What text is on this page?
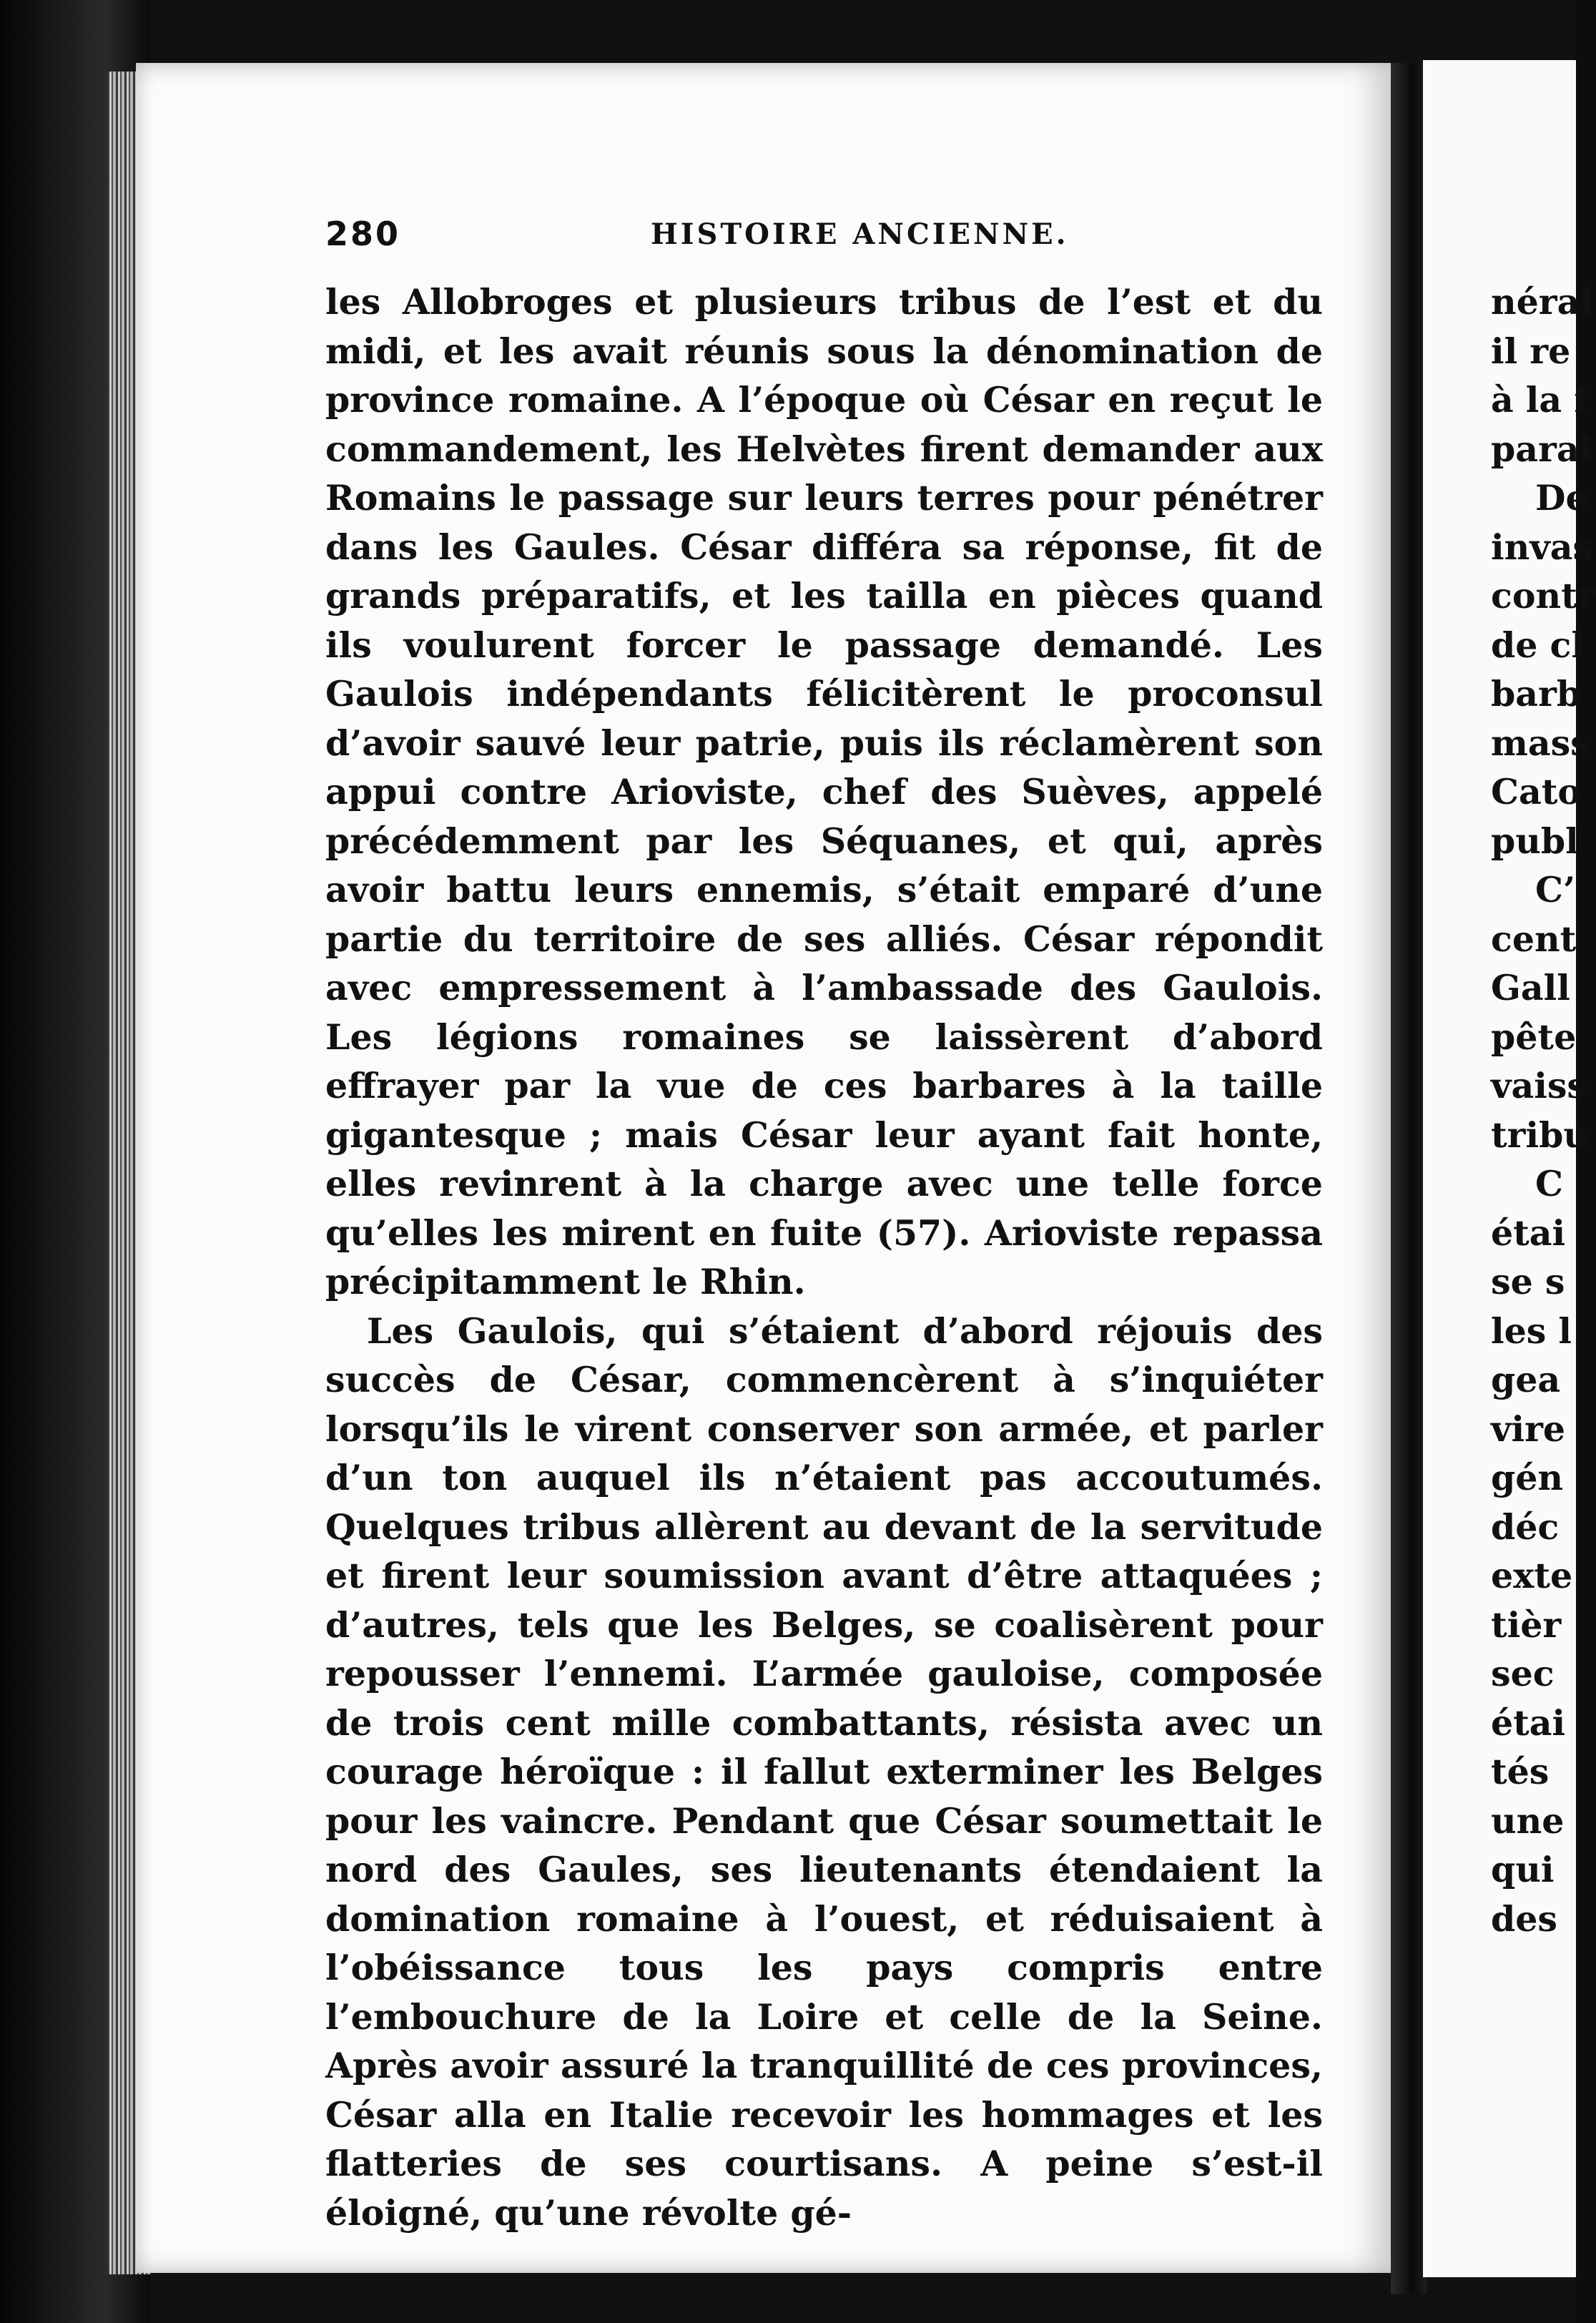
280	HISTOIRE ANCIENNE.

les Allobroges et plusieurs tribus de l’est et du midi, et les avait réunis sous la dénomination de province romaine. A l’époque où César en reçut le commandement, les Helvètes firent demander aux Romains le passage sur leurs terres pour pénétrer dans les Gaules. César différa sa réponse, fit de grands préparatifs, et les tailla en pièces quand ils voulurent forcer le passage demandé. Les Gaulois indépendants félicitèrent le proconsul d’avoir sauvé leur patrie, puis ils réclamèrent son appui contre Arioviste, chef des Suèves, appelé précédemment par les Séquanes, et qui, après avoir battu leurs ennemis, s’était emparé d’une partie du territoire de ses alliés. César répondit avec empressement à l’ambassade des Gaulois. Les légions romaines se laissèrent d’abord effrayer par la vue de ces barbares à la taille gigantesque ; mais César leur ayant fait honte, elles revinrent à la charge avec une telle force qu’elles les mirent en fuite (57). Arioviste repassa précipitamment le Rhin.

Les Gaulois, qui s’étaient d’abord réjouis des succès de César, commencèrent à s’inquiéter lorsqu’ils le virent conserver son armée, et parler d’un ton auquel ils n’étaient pas accoutumés. Quelques tribus allèrent au devant de la servitude et firent leur soumission avant d’être attaquées ; d’autres, tels que les Belges, se coalisèrent pour repousser l’ennemi. L’armée gauloise, composée de trois cent mille combattants, résista avec un courage héroïque : il fallut exterminer les Belges pour les vaincre. Pendant que César soumettait le nord des Gaules, ses lieutenants étendaient la domination romaine à l’ouest, et réduisaient à l’obéissance tous les pays compris entre l’embouchure de la Loire et celle de la Seine. Après avoir assuré la tranquillité de ces provinces, César alla en Italie recevoir les hommages et les flatteries de ses courtisans. A peine s’est-il éloigné, qu’une révolte gé-

néral
il re
à la f
parai
De
invas
contr
de cl
barb
mass
Cato
publ
C’
cent
Gall
pête
vaiss
tribu
C
étai
se s
les l
gea
vire
gén
déc
exte
tièr
sec
étai
tés
une
qui
des
